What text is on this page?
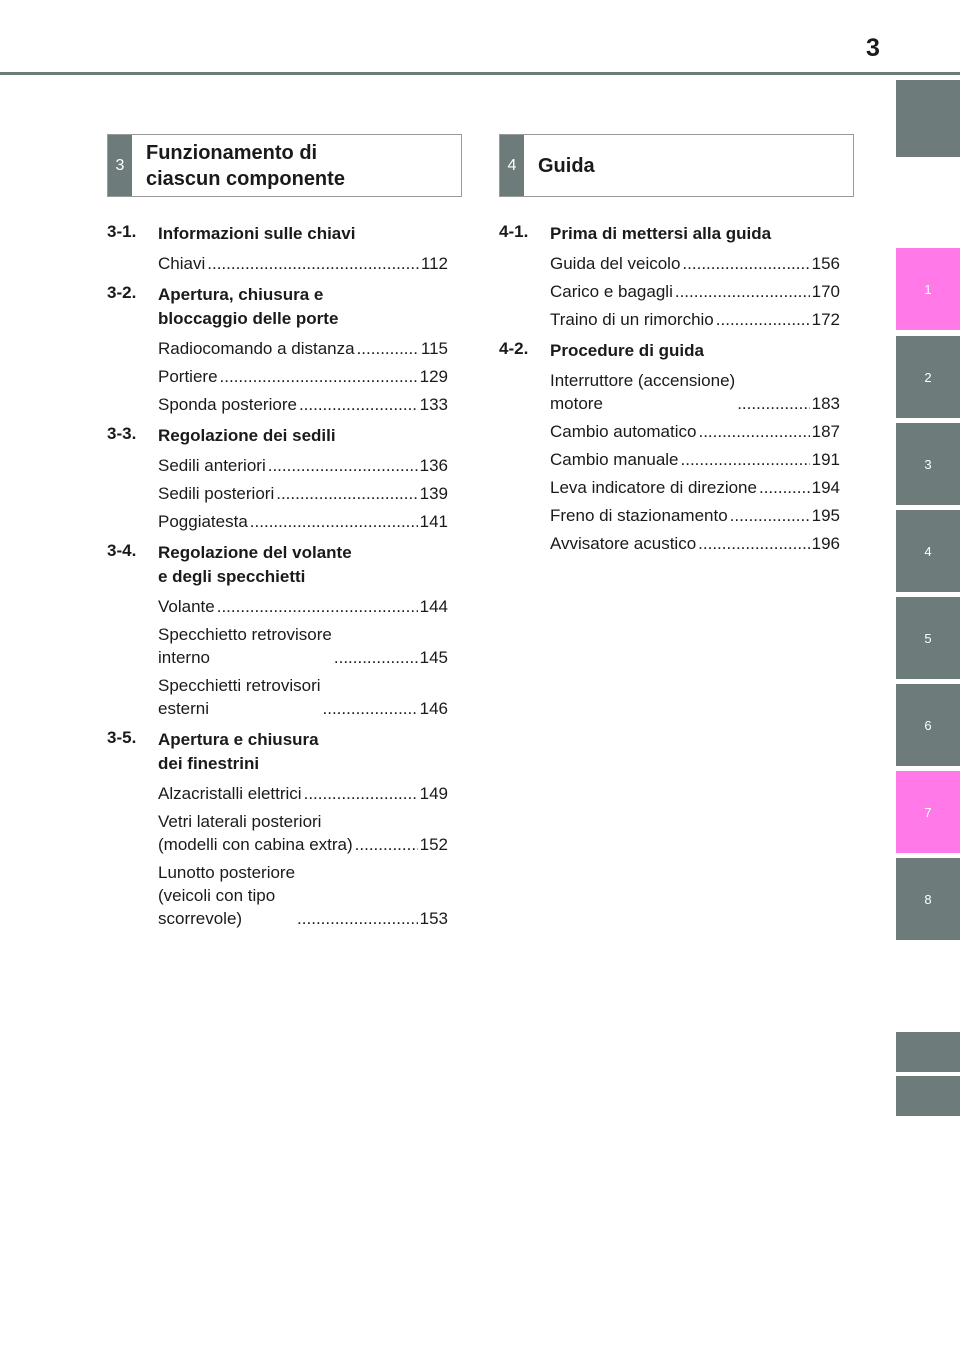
3
1
2
3
4
5
6
7
8
3
Funzionamento di
ciascun componente
4	Guida
3-1.	Informazioni sulle chiavi
Chiavi .....	112
3-2.	Apertura, chiusura e
bloccaggio delle porte
Radiocomando a distanza .....	115
Portiere .....	129
Sponda posteriore .....	133
3-3.	Regolazione dei sedili
Sedili anteriori .....	136
Sedili posteriori .....	139
Poggiatesta .....	141
3-4.	Regolazione del volante
e degli specchietti
Volante .....	144
Specchietto retrovisore
interno .....	145
Specchietti retrovisori
esterni .....	146
3-5.	Apertura e chiusura
dei finestrini
Alzacristalli elettrici .....	149
Vetri laterali posteriori
(modelli con cabina extra) .....	152
Lunotto posteriore
(veicoli con tipo
scorrevole) .....	153
4-1.	Prima di mettersi alla guida
Guida del veicolo .....	156
Carico e bagagli .....	170
Traino di un rimorchio .....	172
4-2.	Procedure di guida
Interruttore (accensione)
motore .....	183
Cambio automatico .....	187
Cambio manuale .....	191
Leva indicatore di direzione .....	194
Freno di stazionamento .....	195
Avvisatore acustico .....	196
